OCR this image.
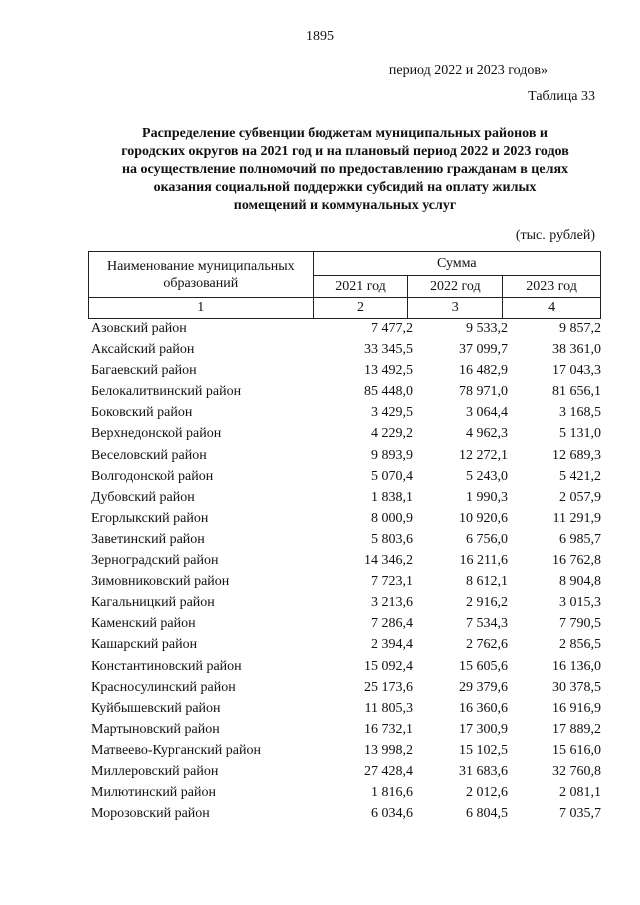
1895
период 2022 и 2023 годов»
Таблица 33
Распределение субвенции бюджетам муниципальных районов и
городских округов на 2021 год и на плановый период 2022 и 2023 годов
на осуществление полномочий по предоставлению гражданам в целях
оказания социальной поддержки субсидий на оплату жилых
помещений и коммунальных услуг
(тыс. рублей)
Наименование муниципальных
образований	Сумма		
	2021 год	2022 год	2023 год
1	2	3	4
Азовский район	7 477,2	9 533,2	9 857,2
Аксайский район	33 345,5	37 099,7	38 361,0
Багаевский район	13 492,5	16 482,9	17 043,3
Белокалитвинский район	85 448,0	78 971,0	81 656,1
Боковский район	3 429,5	3 064,4	3 168,5
Верхнедонской район	4 229,2	4 962,3	5 131,0
Веселовский район	9 893,9	12 272,1	12 689,3
Волгодонской район	5 070,4	5 243,0	5 421,2
Дубовский район	1 838,1	1 990,3	2 057,9
Егорлыкский район	8 000,9	10 920,6	11 291,9
Заветинский район	5 803,6	6 756,0	6 985,7
Зерноградский район	14 346,2	16 211,6	16 762,8
Зимовниковский район	7 723,1	8 612,1	8 904,8
Кагальницкий район	3 213,6	2 916,2	3 015,3
Каменский район	7 286,4	7 534,3	7 790,5
Кашарский район	2 394,4	2 762,6	2 856,5
Константиновский район	15 092,4	15 605,6	16 136,0
Красносулинский район	25 173,6	29 379,6	30 378,5
Куйбышевский район	11 805,3	16 360,6	16 916,9
Мартыновский район	16 732,1	17 300,9	17 889,2
Матвеево-Курганский район	13 998,2	15 102,5	15 616,0
Миллеровский район	27 428,4	31 683,6	32 760,8
Милютинский район	1 816,6	2 012,6	2 081,1
Морозовский район	6 034,6	6 804,5	7 035,7
